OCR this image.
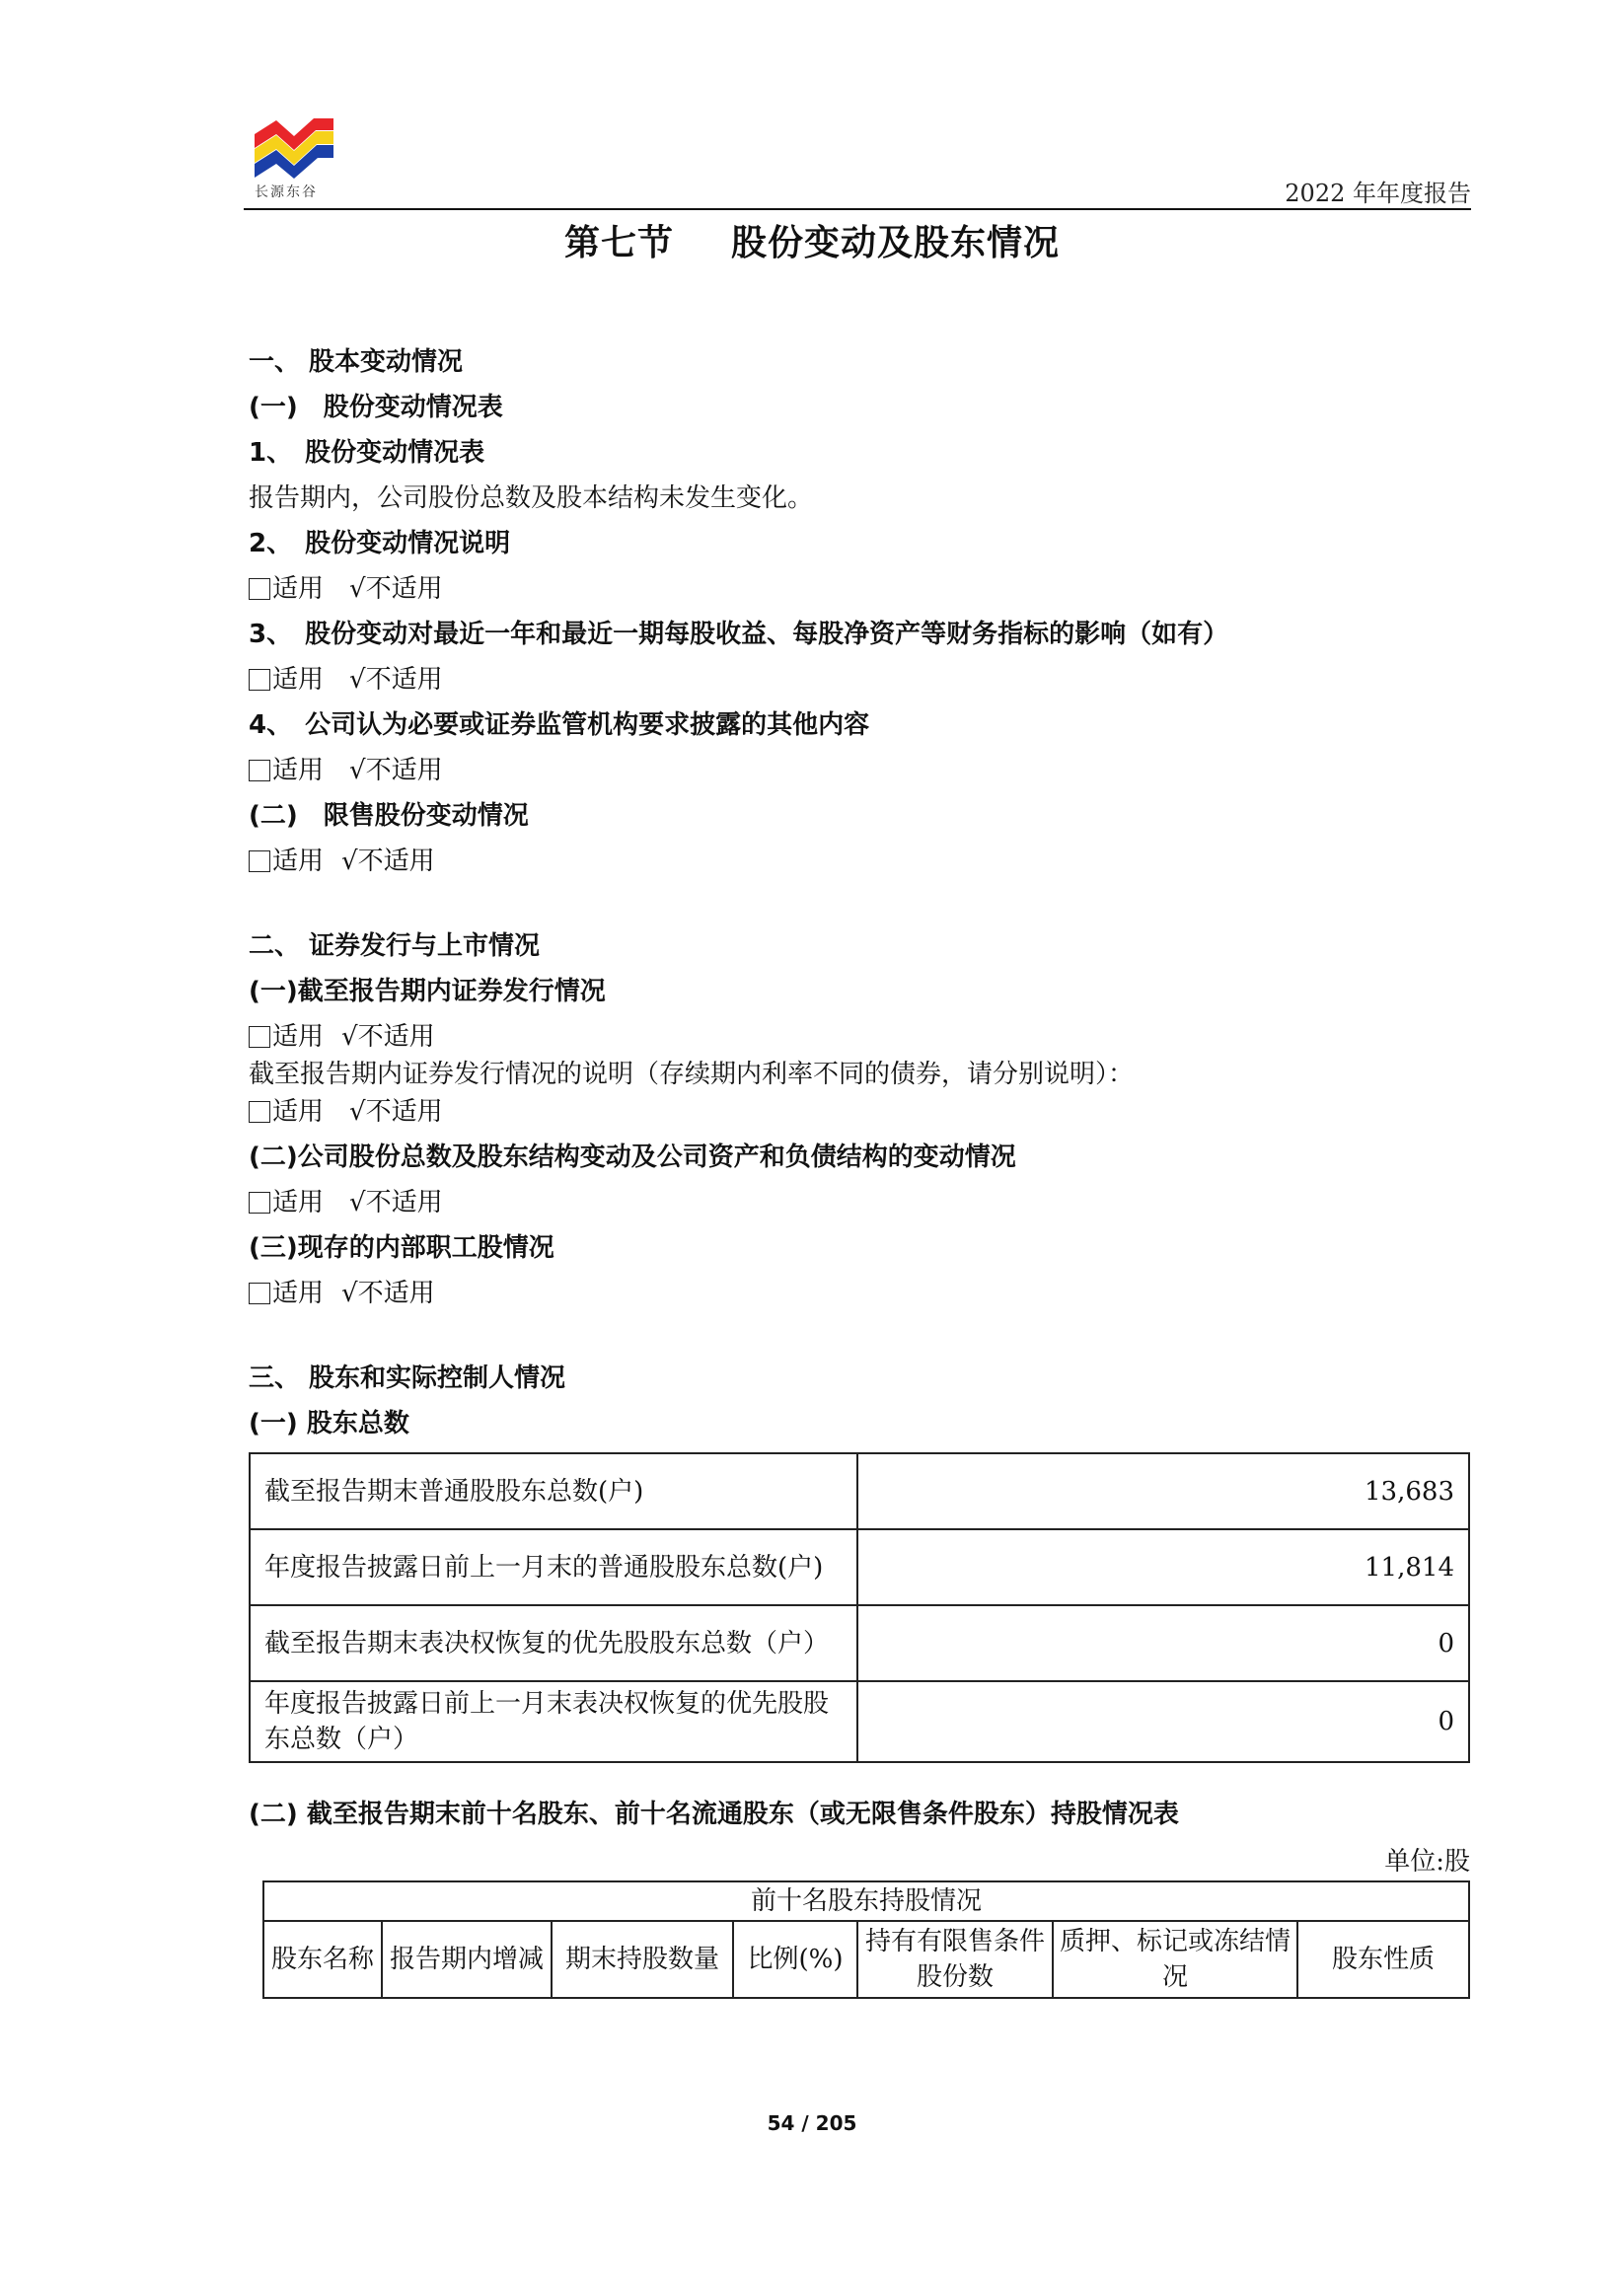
长源东谷	2022 年年度报告
第七节 股份变动及股东情况
一、 股本变动情况
(一)　股份变动情况表
1、　股份变动情况表
报告期内，公司股份总数及股本结构未发生变化。
2、　股份变动情况说明
适用 √不适用
3、　股份变动对最近一年和最近一期每股收益、每股净资产等财务指标的影响（如有）
适用 √不适用
4、　公司认为必要或证券监管机构要求披露的其他内容
适用 √不适用
(二)　限售股份变动情况
适用 √不适用
二、 证券发行与上市情况
(一)截至报告期内证券发行情况
适用 √不适用
截至报告期内证券发行情况的说明（存续期内利率不同的债券，请分别说明）：
适用 √不适用
(二)公司股份总数及股东结构变动及公司资产和负债结构的变动情况
适用 √不适用
(三)现存的内部职工股情况
适用 √不适用
三、 股东和实际控制人情况
(一) 股东总数
截至报告期末普通股股东总数(户)	13,683
年度报告披露日前上一月末的普通股股东总数(户)	11,814
截至报告期末表决权恢复的优先股股东总数（户）	0
年度报告披露日前上一月末表决权恢复的优先股股东总数（户）	0
(二) 截至报告期末前十名股东、前十名流通股东（或无限售条件股东）持股情况表
单位:股
前十名股东持股情况
股东名称	报告期内增减	期末持股数量	比例(%)	持有有限售条件股份数	质押、标记或冻结情况	股东性质
54 / 205
